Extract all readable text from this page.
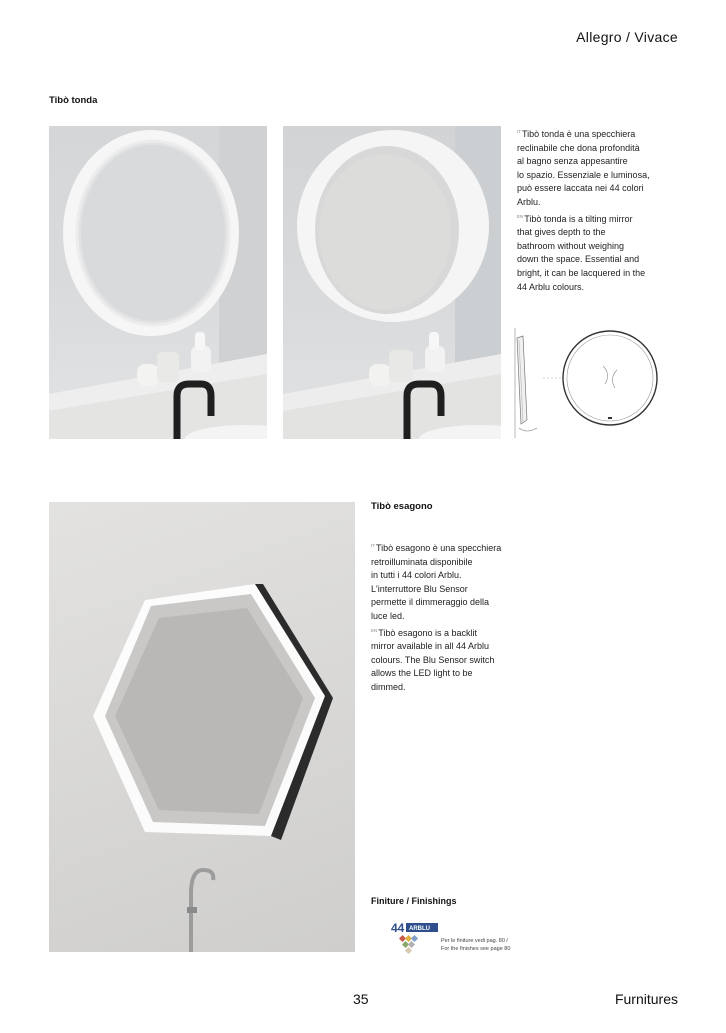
Allegro / Vivace
Tibò tonda
$^{IT}$Tibò tonda è una specchiera
reclinabile che dona profondità
al bagno senza appesantire
lo spazio. Essenziale e luminosa,
può essere laccata nei 44 colori
Arblu.
$^{EN}$Tibò tonda is a tilting mirror
that gives depth to the
bathroom without weighing
down the space. Essential and
bright, it can be lacquered in the
44 Arblu colours.
Tibò esagono
$^{IT}$Tibò esagono è una specchiera
retroilluminata disponibile
in tutti i 44 colori Arblu.
L'interruttore Blu Sensor
permette il dimmeraggio della
luce led.
$^{EN}$Tibò esagono is a backlit
mirror available in all 44 Arblu
colours. The Blu Sensor switch
allows the LED light to be
dimmed.
Finiture / Finishings
44 ARBLU
Per le finiture vedi pag. 80 /
For the finishes see page 80
35	Furnitures
